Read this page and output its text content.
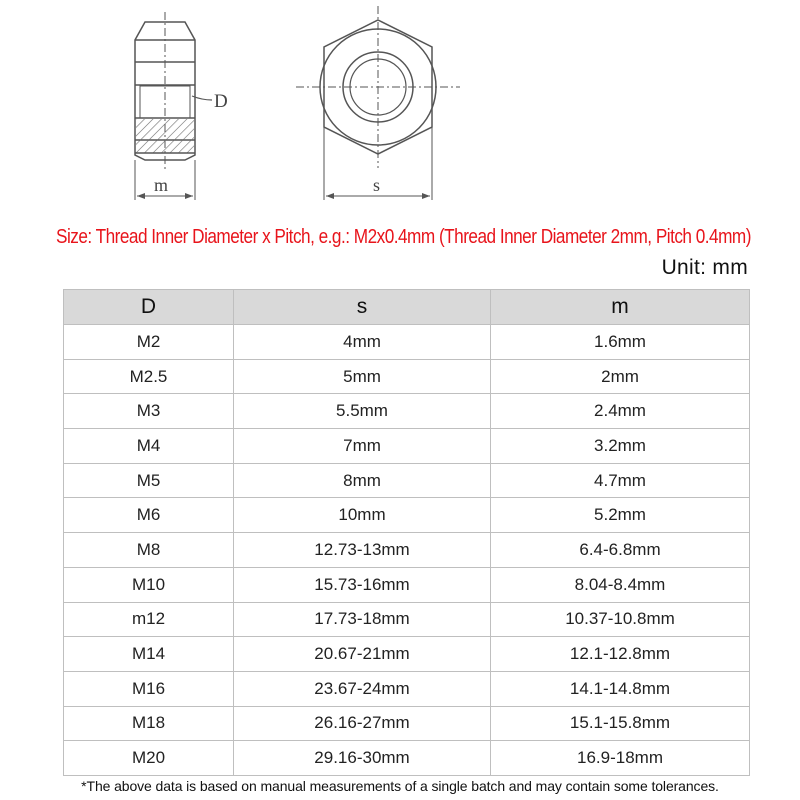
D
m	s
Size: Thread Inner Diameter x Pitch, e.g.: M2x0.4mm (Thread Inner Diameter 2mm, Pitch 0.4mm)
Unit: mm
D	s	m
M2	4mm	1.6mm
M2.5	5mm	2mm
M3	5.5mm	2.4mm
M4	7mm	3.2mm
M5	8mm	4.7mm
M6	10mm	5.2mm
M8	12.73-13mm	6.4-6.8mm
M10	15.73-16mm	8.04-8.4mm
m12	17.73-18mm	10.37-10.8mm
M14	20.67-21mm	12.1-12.8mm
M16	23.67-24mm	14.1-14.8mm
M18	26.16-27mm	15.1-15.8mm
M20	29.16-30mm	16.9-18mm
*The above data is based on manual measurements of a single batch and may contain some tolerances.
